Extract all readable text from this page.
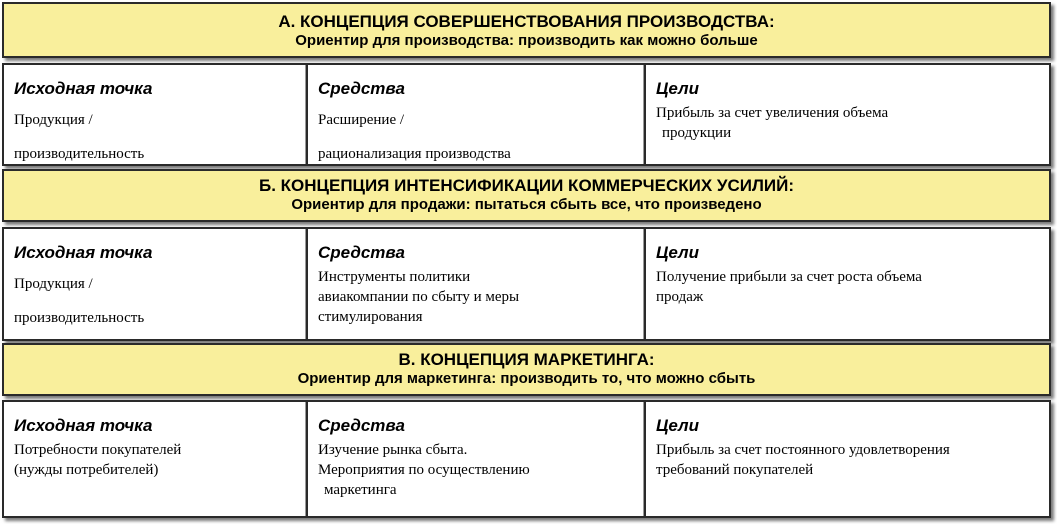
А. КОНЦЕПЦИЯ СОВЕРШЕНСТВОВАНИЯ ПРОИЗВОДСТВА:
Ориентир для производства: производить как можно больше
Исходная точка
Продукция /
производительность
Средства
Расширение /
рационализация производства
Цели
Прибыль за счет увеличения объема
продукции
Б. КОНЦЕПЦИЯ ИНТЕНСИФИКАЦИИ КОММЕРЧЕСКИХ УСИЛИЙ:
Ориентир для продажи: пытаться сбыть все, что произведено
Исходная точка
Продукция /
производительность
Средства
Инструменты политики
авиакомпании по сбыту и меры
стимулирования
Цели
Получение прибыли за счет роста объема
продаж
В. КОНЦЕПЦИЯ МАРКЕТИНГА:
Ориентир для маркетинга: производить то, что можно сбыть
Исходная точка
Потребности покупателей
(нужды потребителей)
Средства
Изучение рынка сбыта.
Мероприятия по осуществлению
маркетинга
Цели
Прибыль за счет постоянного удовлетворения
требований покупателей
